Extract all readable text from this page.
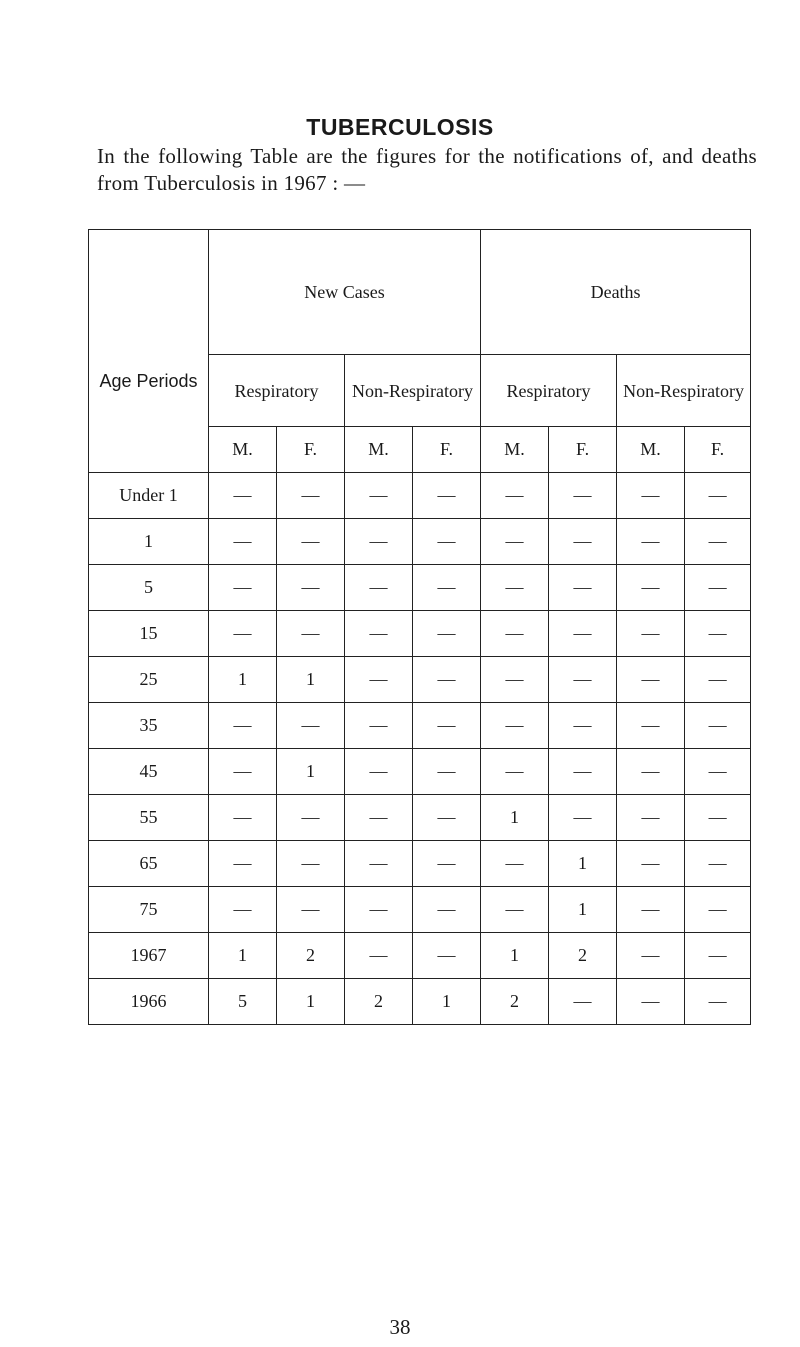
TUBERCULOSIS
In the following Table are the figures for the notifications of, and deaths from Tuberculosis in 1967 : —
Age Periods	New Cases				Deaths			
	Respiratory		Non-Respiratory		Respiratory		Non-Respiratory	
	M.	F.	M.	F.	M.	F.	M.	F.
Under 1	—	—	—	—	—	—	—	—
1	—	—	—	—	—	—	—	—
5	—	—	—	—	—	—	—	—
15	—	—	—	—	—	—	—	—
25	1	1	—	—	—	—	—	—
35	—	—	—	—	—	—	—	—
45	—	1	—	—	—	—	—	—
55	—	—	—	—	1	—	—	—
65	—	—	—	—	—	1	—	—
75	—	—	—	—	—	1	—	—
1967	1	2	—	—	1	2	—	—
1966	5	1	2	1	2	—	—	—
38
